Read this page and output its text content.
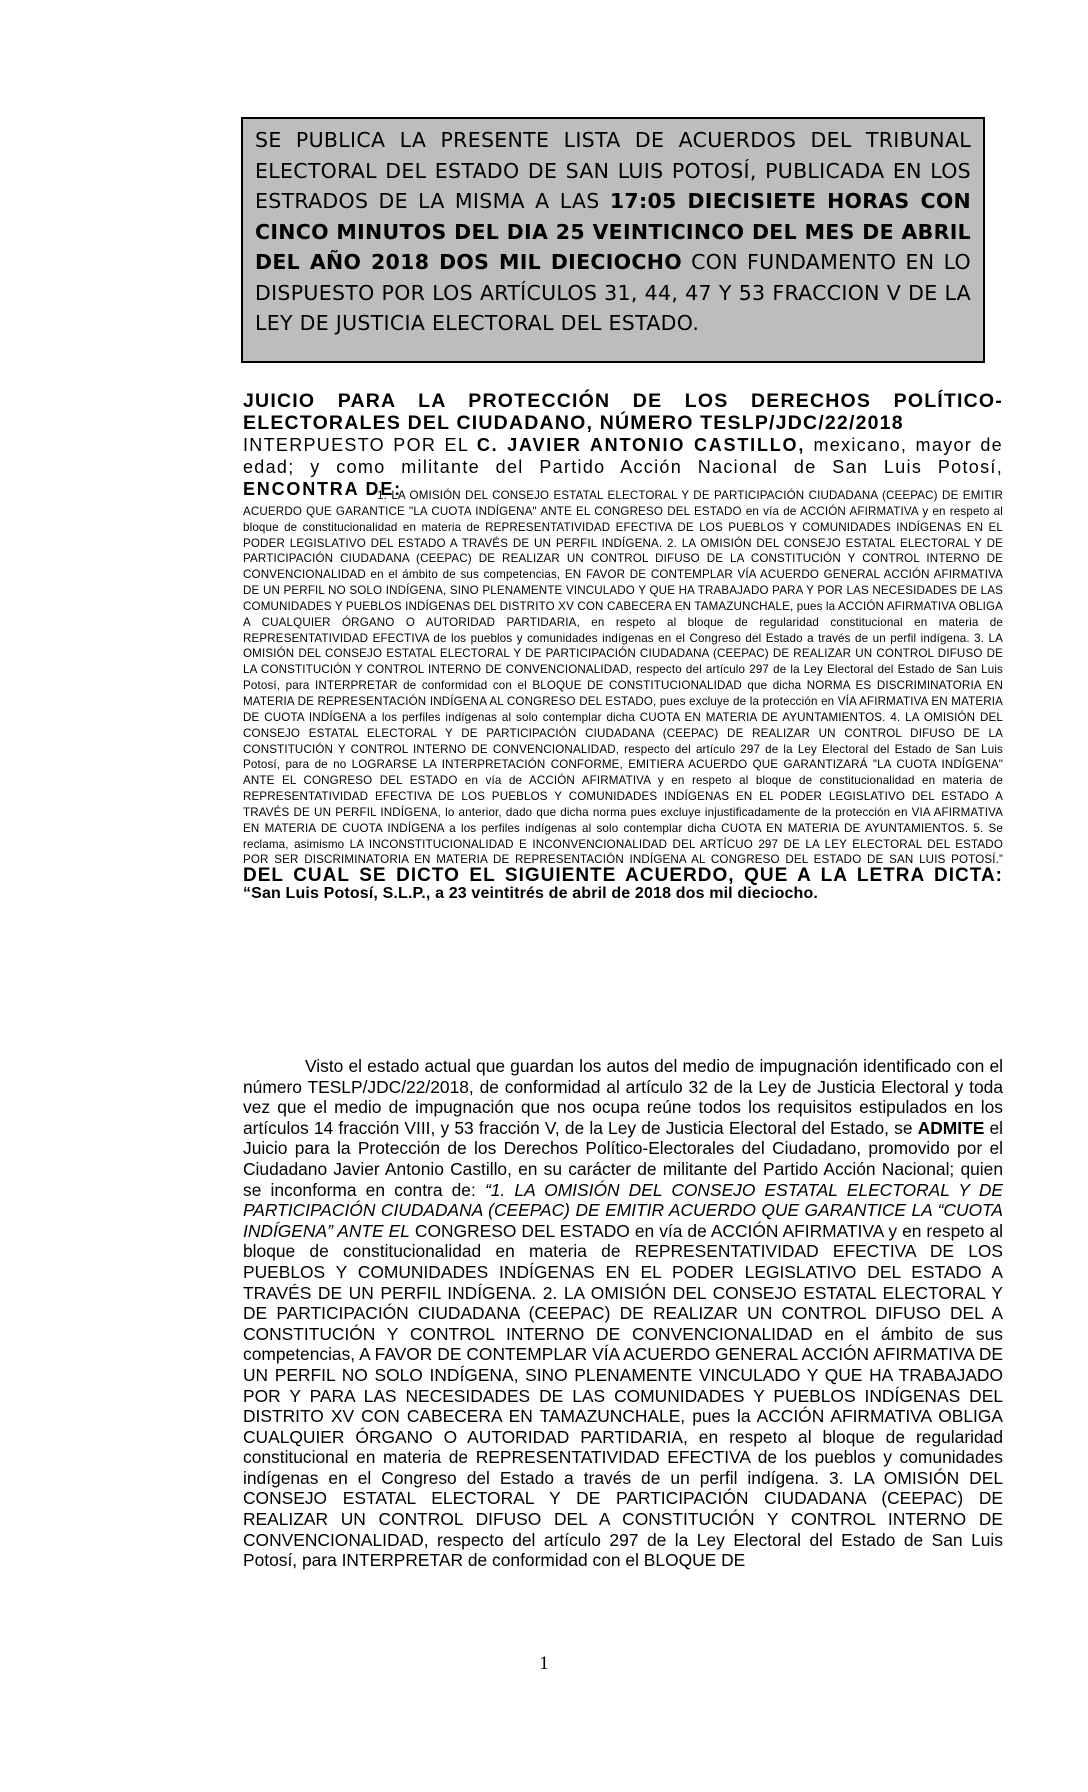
SE PUBLICA LA PRESENTE LISTA DE ACUERDOS DEL TRIBUNAL ELECTORAL DEL ESTADO DE SAN LUIS POTOSÍ, PUBLICADA EN LOS ESTRADOS DE LA MISMA A LAS 17:05 DIECISIETE HORAS CON CINCO MINUTOS DEL DIA 25 VEINTICINCO DEL MES DE ABRIL DEL AÑO 2018 DOS MIL DIECIOCHO CON FUNDAMENTO EN LO DISPUESTO POR LOS ARTÍCULOS 31, 44, 47 Y 53 FRACCION V DE LA LEY DE JUSTICIA ELECTORAL DEL ESTADO.
JUICIO PARA LA PROTECCIÓN DE LOS DERECHOS POLÍTICO-ELECTORALES DEL CIUDADANO, NÚMERO TESLP/JDC/22/2018
INTERPUESTO POR EL C. JAVIER ANTONIO CASTILLO, mexicano, mayor de edad; y como militante del Partido Acción Nacional de San Luis Potosí, ENCONTRA DE:
“1. LA OMISIÓN DEL CONSEJO ESTATAL ELECTORAL Y DE PARTICIPACIÓN CIUDADANA (CEEPAC) DE EMITIR ACUERDO QUE GARANTICE "LA CUOTA INDÍGENA" ANTE EL CONGRESO DEL ESTADO en vía de ACCIÓN AFIRMATIVA y en respeto al bloque de constitucionalidad en materia de REPRESENTATIVIDAD EFECTIVA DE LOS PUEBLOS Y COMUNIDADES INDÍGENAS EN EL PODER LEGISLATIVO DEL ESTADO A TRAVÉS DE UN PERFIL INDÍGENA. 2. LA OMISIÓN DEL CONSEJO ESTATAL ELECTORAL Y DE PARTICIPACIÓN CIUDADANA (CEEPAC) DE REALIZAR UN CONTROL DIFUSO DE LA CONSTITUCIÓN Y CONTROL INTERNO DE CONVENCIONALIDAD en el ámbito de sus competencias, EN FAVOR DE CONTEMPLAR VÍA ACUERDO GENERAL ACCIÓN AFIRMATIVA DE UN PERFIL NO SOLO INDÍGENA, SINO PLENAMENTE VINCULADO Y QUE HA TRABAJADO PARA Y POR LAS NECESIDADES DE LAS COMUNIDADES Y PUEBLOS INDÍGENAS DEL DISTRITO XV CON CABECERA EN TAMAZUNCHALE, pues la ACCIÓN AFIRMATIVA OBLIGA A CUALQUIER ÓRGANO O AUTORIDAD PARTIDARIA, en respeto al bloque de regularidad constitucional en materia de REPRESENTATIVIDAD EFECTIVA de los pueblos y comunidades indígenas en el Congreso del Estado a través de un perfil indígena. 3. LA OMISIÓN DEL CONSEJO ESTATAL ELECTORAL Y DE PARTICIPACIÓN CIUDADANA (CEEPAC) DE REALIZAR UN CONTROL DIFUSO DE LA CONSTITUCIÓN Y CONTROL INTERNO DE CONVENCIONALIDAD, respecto del artículo 297 de la Ley Electoral del Estado de San Luis Potosí, para INTERPRETAR de conformidad con el BLOQUE DE CONSTITUCIONALIDAD que dicha NORMA ES DISCRIMINATORIA EN MATERIA DE REPRESENTACIÓN INDÍGENA AL CONGRESO DEL ESTADO, pues excluye de la protección en VÍA AFIRMATIVA EN MATERIA DE CUOTA INDÍGENA a los perfiles indígenas al solo contemplar dicha CUOTA EN MATERIA DE AYUNTAMIENTOS. 4. LA OMISIÓN DEL CONSEJO ESTATAL ELECTORAL Y DE PARTICIPACIÓN CIUDADANA (CEEPAC) DE REALIZAR UN CONTROL DIFUSO DE LA CONSTITUCIÓN Y CONTROL INTERNO DE CONVENCIONALIDAD, respecto del artículo 297 de la Ley Electoral del Estado de San Luis Potosí, para de no LOGRARSE LA INTERPRETACIÓN CONFORME, EMITIERA ACUERDO QUE GARANTIZARÁ "LA CUOTA INDÍGENA" ANTE EL CONGRESO DEL ESTADO en vía de ACCIÓN AFIRMATIVA y en respeto al bloque de constitucionalidad en materia de REPRESENTATIVIDAD EFECTIVA DE LOS PUEBLOS Y COMUNIDADES INDÍGENAS EN EL PODER LEGISLATIVO DEL ESTADO A TRAVÉS DE UN PERFIL INDÍGENA, lo anterior, dado que dicha norma pues excluye injustificadamente de la protección en VIA AFIRMATIVA EN MATERIA DE CUOTA INDÍGENA a los perfiles indígenas al solo contemplar dicha CUOTA EN MATERIA DE AYUNTAMIENTOS. 5. Se reclama, asimismo LA INCONSTITUCIONALIDAD E INCONVENCIONALIDAD DEL ARTÍCUO 297 DE LA LEY ELECTORAL DEL ESTADO POR SER DISCRIMINATORIA EN MATERIA DE REPRESENTACIÓN INDÍGENA AL CONGRESO DEL ESTADO DE SAN LUIS POTOSÍ.” DEL CUAL SE DICTO EL SIGUIENTE ACUERDO, QUE A LA LETRA DICTA: “San Luis Potosí, S.L.P., a 23 veintitrés de abril de 2018 dos mil dieciocho.
Visto el estado actual que guardan los autos del medio de impugnación identificado con el número TESLP/JDC/22/2018, de conformidad al artículo 32 de la Ley de Justicia Electoral y toda vez que el medio de impugnación que nos ocupa reúne todos los requisitos estipulados en los artículos 14 fracción VIII, y 53 fracción V, de la Ley de Justicia Electoral del Estado, se ADMITE el Juicio para la Protección de los Derechos Político-Electorales del Ciudadano, promovido por el Ciudadano Javier Antonio Castillo, en su carácter de militante del Partido Acción Nacional; quien se inconforma en contra de: “1. LA OMISIÓN DEL CONSEJO ESTATAL ELECTORAL Y DE PARTICIPACIÓN CIUDADANA (CEEPAC) DE EMITIR ACUERDO QUE GARANTICE LA “CUOTA INDÍGENA” ANTE EL CONGRESO DEL ESTADO en vía de ACCIÓN AFIRMATIVA y en respeto al bloque de constitucionalidad en materia de REPRESENTATIVIDAD EFECTIVA DE LOS PUEBLOS Y COMUNIDADES INDÍGENAS EN EL PODER LEGISLATIVO DEL ESTADO A TRAVÉS DE UN PERFIL INDÍGENA. 2. LA OMISIÓN DEL CONSEJO ESTATAL ELECTORAL Y DE PARTICIPACIÓN CIUDADANA (CEEPAC) DE REALIZAR UN CONTROL DIFUSO DEL A CONSTITUCIÓN Y CONTROL INTERNO DE CONVENCIONALIDAD en el ámbito de sus competencias, A FAVOR DE CONTEMPLAR VÍA ACUERDO GENERAL ACCIÓN AFIRMATIVA DE UN PERFIL NO SOLO INDÍGENA, SINO PLENAMENTE VINCULADO Y QUE HA TRABAJADO POR Y PARA LAS NECESIDADES DE LAS COMUNIDADES Y PUEBLOS INDÍGENAS DEL DISTRITO XV CON CABECERA EN TAMAZUNCHALE, pues la ACCIÓN AFIRMATIVA OBLIGA CUALQUIER ÓRGANO O AUTORIDAD PARTIDARIA, en respeto al bloque de regularidad constitucional en materia de REPRESENTATIVIDAD EFECTIVA de los pueblos y comunidades indígenas en el Congreso del Estado a través de un perfil indígena. 3. LA OMISIÓN DEL CONSEJO ESTATAL ELECTORAL Y DE PARTICIPACIÓN CIUDADANA (CEEPAC) DE REALIZAR UN CONTROL DIFUSO DEL A CONSTITUCIÓN Y CONTROL INTERNO DE CONVENCIONALIDAD, respecto del artículo 297 de la Ley Electoral del Estado de San Luis Potosí, para INTERPRETAR de conformidad con el BLOQUE DE
1
